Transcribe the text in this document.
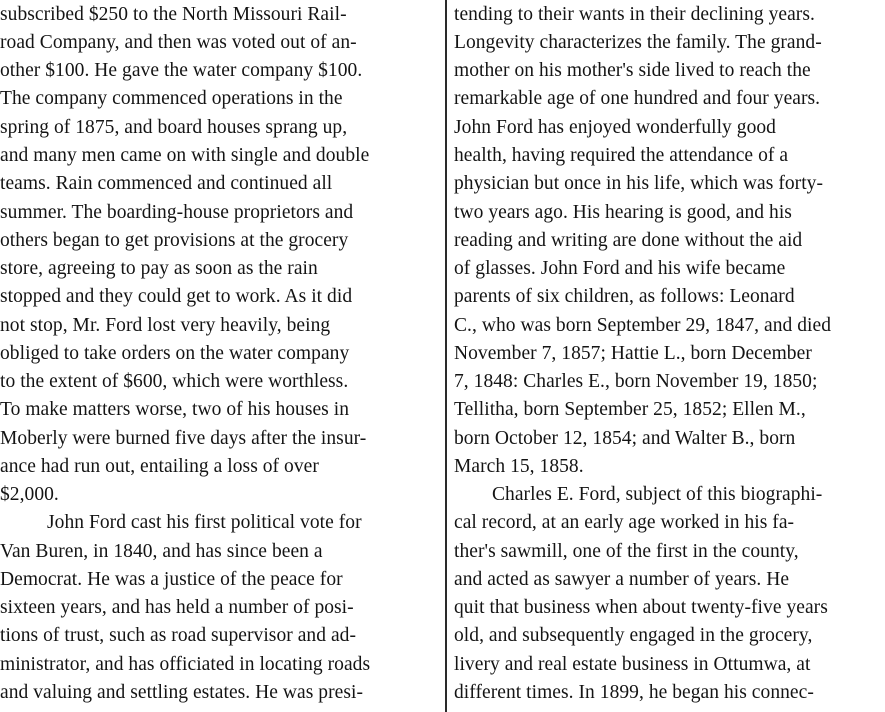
subscribed $250 to the North Missouri Rail-
road Company, and then was voted out of an-
other $100. He gave the water company $100.
The company commenced operations in the
spring of 1875, and board houses sprang up,
and many men came on with single and double
teams. Rain commenced and continued all
summer. The boarding-house proprietors and
others began to get provisions at the grocery
store, agreeing to pay as soon as the rain
stopped and they could get to work. As it did
not stop, Mr. Ford lost very heavily, being
obliged to take orders on the water company
to the extent of $600, which were worthless.
To make matters worse, two of his houses in
Moberly were burned five days after the insur-
ance had run out, entailing a loss of over
$2,000.
John Ford cast his first political vote for
Van Buren, in 1840, and has since been a
Democrat. He was a justice of the peace for
sixteen years, and has held a number of posi-
tions of trust, such as road supervisor and ad-
ministrator, and has officiated in locating roads
and valuing and settling estates. He was presi-
tending to their wants in their declining years.
Longevity characterizes the family. The grand-
mother on his mother's side lived to reach the
remarkable age of one hundred and four years.
John Ford has enjoyed wonderfully good
health, having required the attendance of a
physician but once in his life, which was forty-
two years ago. His hearing is good, and his
reading and writing are done without the aid
of glasses. John Ford and his wife became
parents of six children, as follows: Leonard
C., who was born September 29, 1847, and died
November 7, 1857; Hattie L., born December
7, 1848: Charles E., born November 19, 1850;
Tellitha, born September 25, 1852; Ellen M.,
born October 12, 1854; and Walter B., born
March 15, 1858.
Charles E. Ford, subject of this biographi-
cal record, at an early age worked in his fa-
ther's sawmill, one of the first in the county,
and acted as sawyer a number of years. He
quit that business when about twenty-five years
old, and subsequently engaged in the grocery,
livery and real estate business in Ottumwa, at
different times. In 1899, he began his connec-
